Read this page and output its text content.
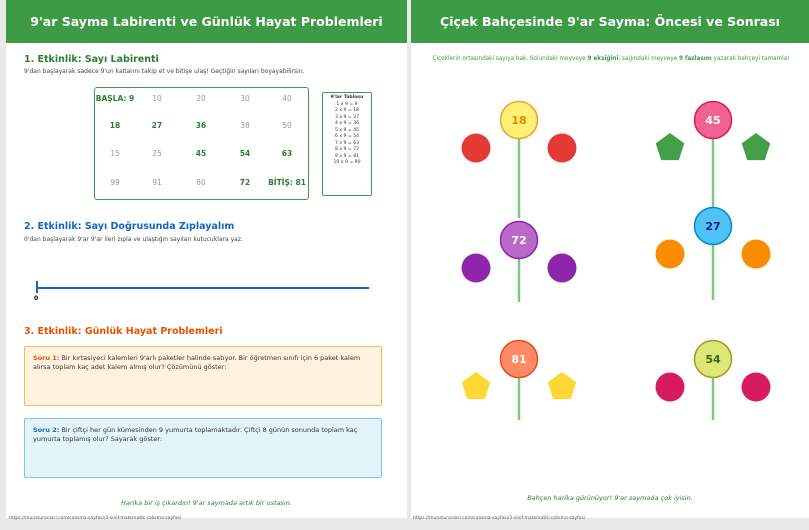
9'ar Sayma Labirenti ve Günlük Hayat Problemleri
1. Etkinlik: Sayı Labirenti
9'dan başlayarak sadece 9'un katlarını takip et ve bitişe ulaş! Geçtiğin sayıları boyayabilirsin.
BAŞLA: 9	10	20	30	40
18	27	36	38	50
15	25	45	54	63
99	91	80	72	BİTİŞ: 81
9'lar Tablosu
1 x 9 = 9
2 x 9 = 18
3 x 9 = 27
4 x 9 = 36
5 x 9 = 45
6 x 9 = 54
7 x 9 = 63
8 x 9 = 72
9 x 9 = 81
10 x 9 = 90
2. Etkinlik: Sayı Doğrusunda Zıplayalım
0'dan başlayarak 9'ar 9'ar ileri zıpla ve ulaştığın sayıları kutucuklara yaz.
0
3. Etkinlik: Günlük Hayat Problemleri
Soru 1: Bir kırtasiyeci kalemleri 9'arlı paketler halinde satıyor. Bir öğretmen sınıfı için 6 paket kalem alırsa toplam kaç adet kalem almış olur? Çözümünü göster:
Soru 2: Bir çiftçi her gün kümesinden 9 yumurta toplamaktadır. Çiftçi 8 günün sonunda toplam kaç yumurta toplamış olur? Sayarak göster:
Harika bir iş çıkardın! 9'ar saymada artık bir ustasın.
https://munsturanlari.com/calisma-sayfasi/3-sinif-matematik-calisma-sayfasi
Çiçek Bahçesinde 9'ar Sayma: Öncesi ve Sonrası
Çiçeklerin ortasındaki sayıya bak. Solundaki meyveye 9 eksiğini, sağındaki meyveye 9 fazlasını yazarak bahçeyi tamamla!
18	45
72
27
81	54
Bahçen harika görünüyor! 9'ar saymada çok iyisin.
https://munsturanlari.com/calisma-sayfasi/3-sinif-matematik-calisma-sayfasi
